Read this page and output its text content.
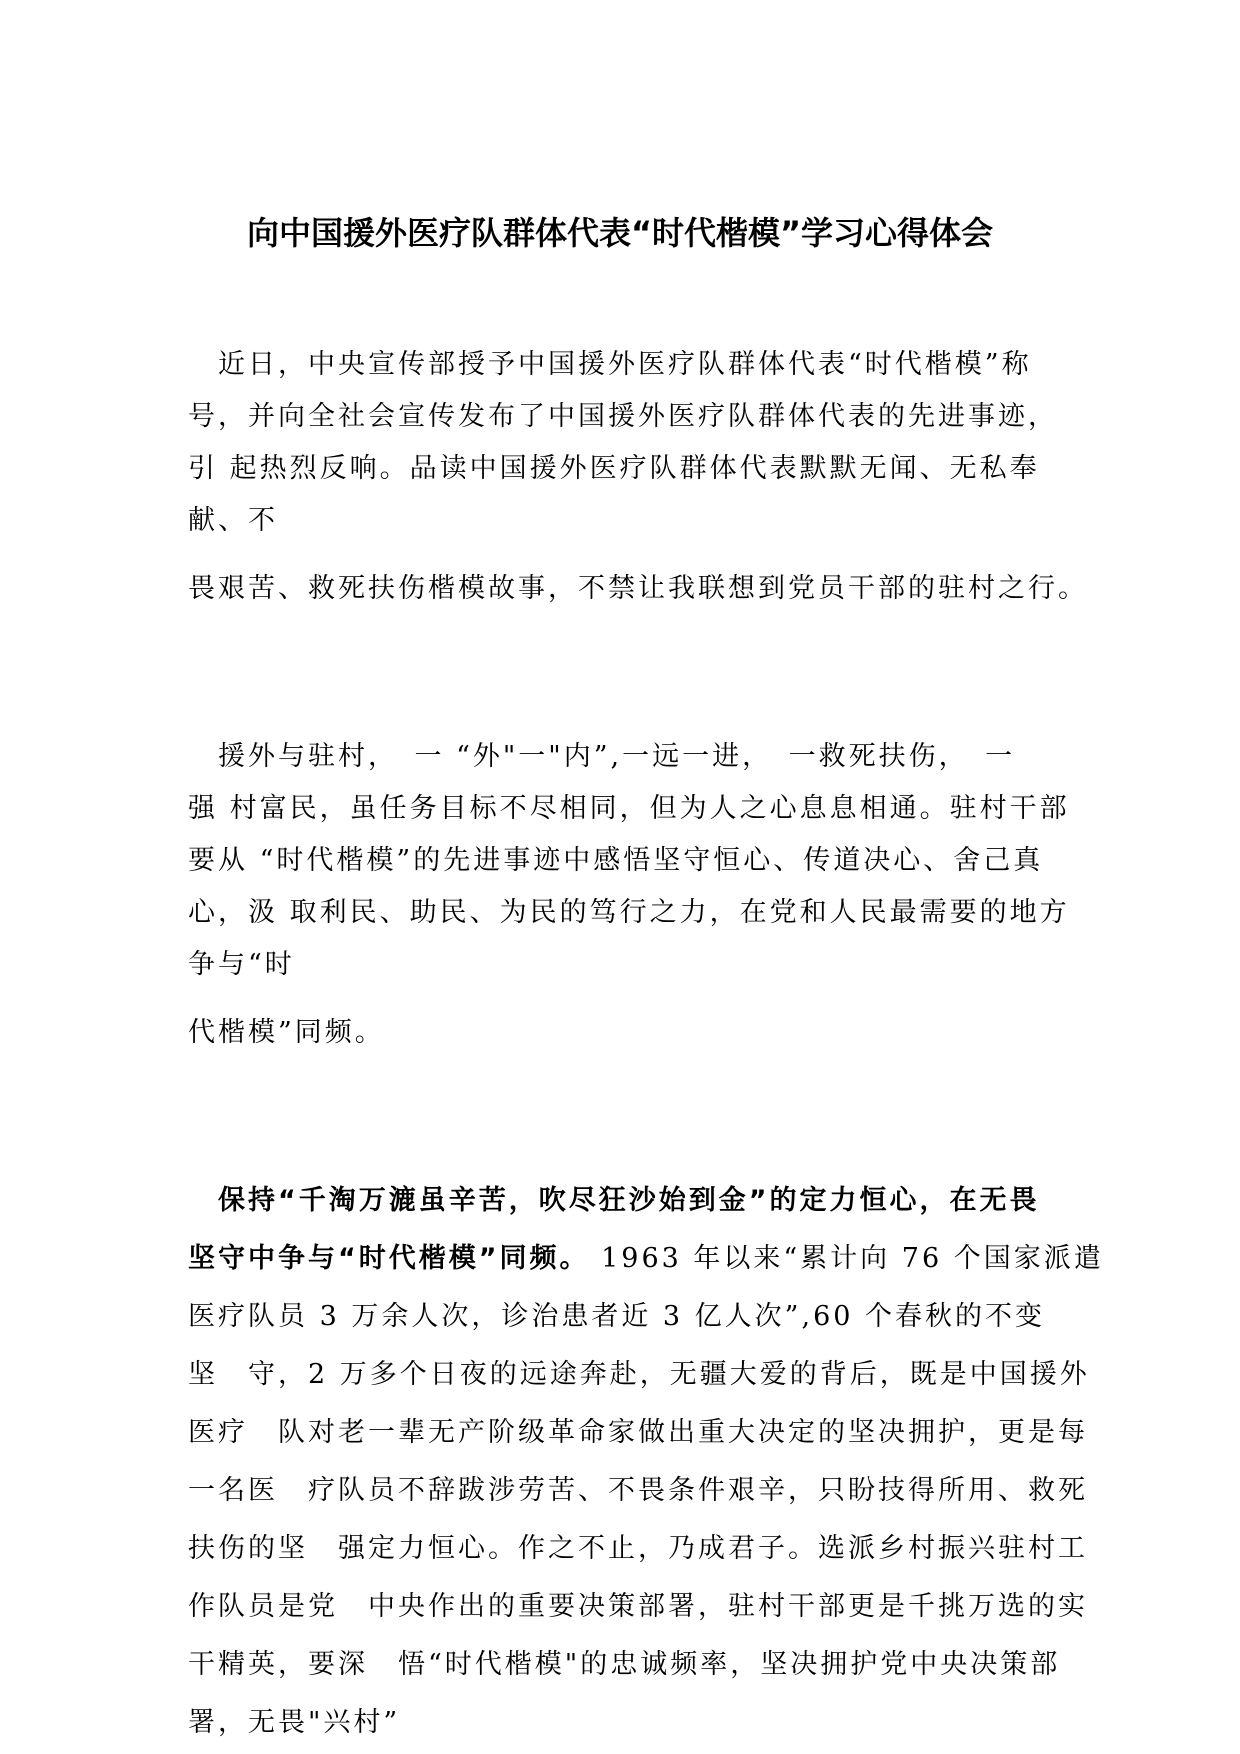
向中国援外医疗队群体代表“时代楷模”学习心得体会
　近日，中央宣传部授予中国援外医疗队群体代表“时代楷模”称
号，并向全社会宣传发布了中国援外医疗队群体代表的先进事迹，
引 起热烈反响。品读中国援外医疗队群体代表默默无闻、无私奉
献、不
畏艰苦、救死扶伤楷模故事，不禁让我联想到党员干部的驻村之行。
　援外与驻村，　一 “外"一"内”,一远一进，　一救死扶伤，　一
强 村富民，虽任务目标不尽相同，但为人之心息息相通。驻村干部
要从 “时代楷模”的先进事迹中感悟坚守恒心、传道决心、舍己真
心，汲 取利民、助民、为民的笃行之力，在党和人民最需要的地方
争与“时
代楷模”同频。
　保持“千淘万漉虽辛苦，吹尽狂沙始到金”的定力恒心，在无畏
坚守中争与“时代楷模”同频。 1963 年以来“累计向 76 个国家派遣
医疗队员 3 万余人次，诊治患者近 3 亿人次”,60 个春秋的不变
坚　守，2 万多个日夜的远途奔赴，无疆大爱的背后，既是中国援外
医疗　队对老一辈无产阶级革命家做出重大决定的坚决拥护，更是每
一名医　疗队员不辞跋涉劳苦、不畏条件艰辛，只盼技得所用、救死
扶伤的坚　强定力恒心。作之不止，乃成君子。选派乡村振兴驻村工
作队员是党　中央作出的重要决策部署，驻村干部更是千挑万选的实
干精英，要深　悟“时代楷模"的忠诚频率，坚决拥护党中央决策部
署，无畏"兴村”
